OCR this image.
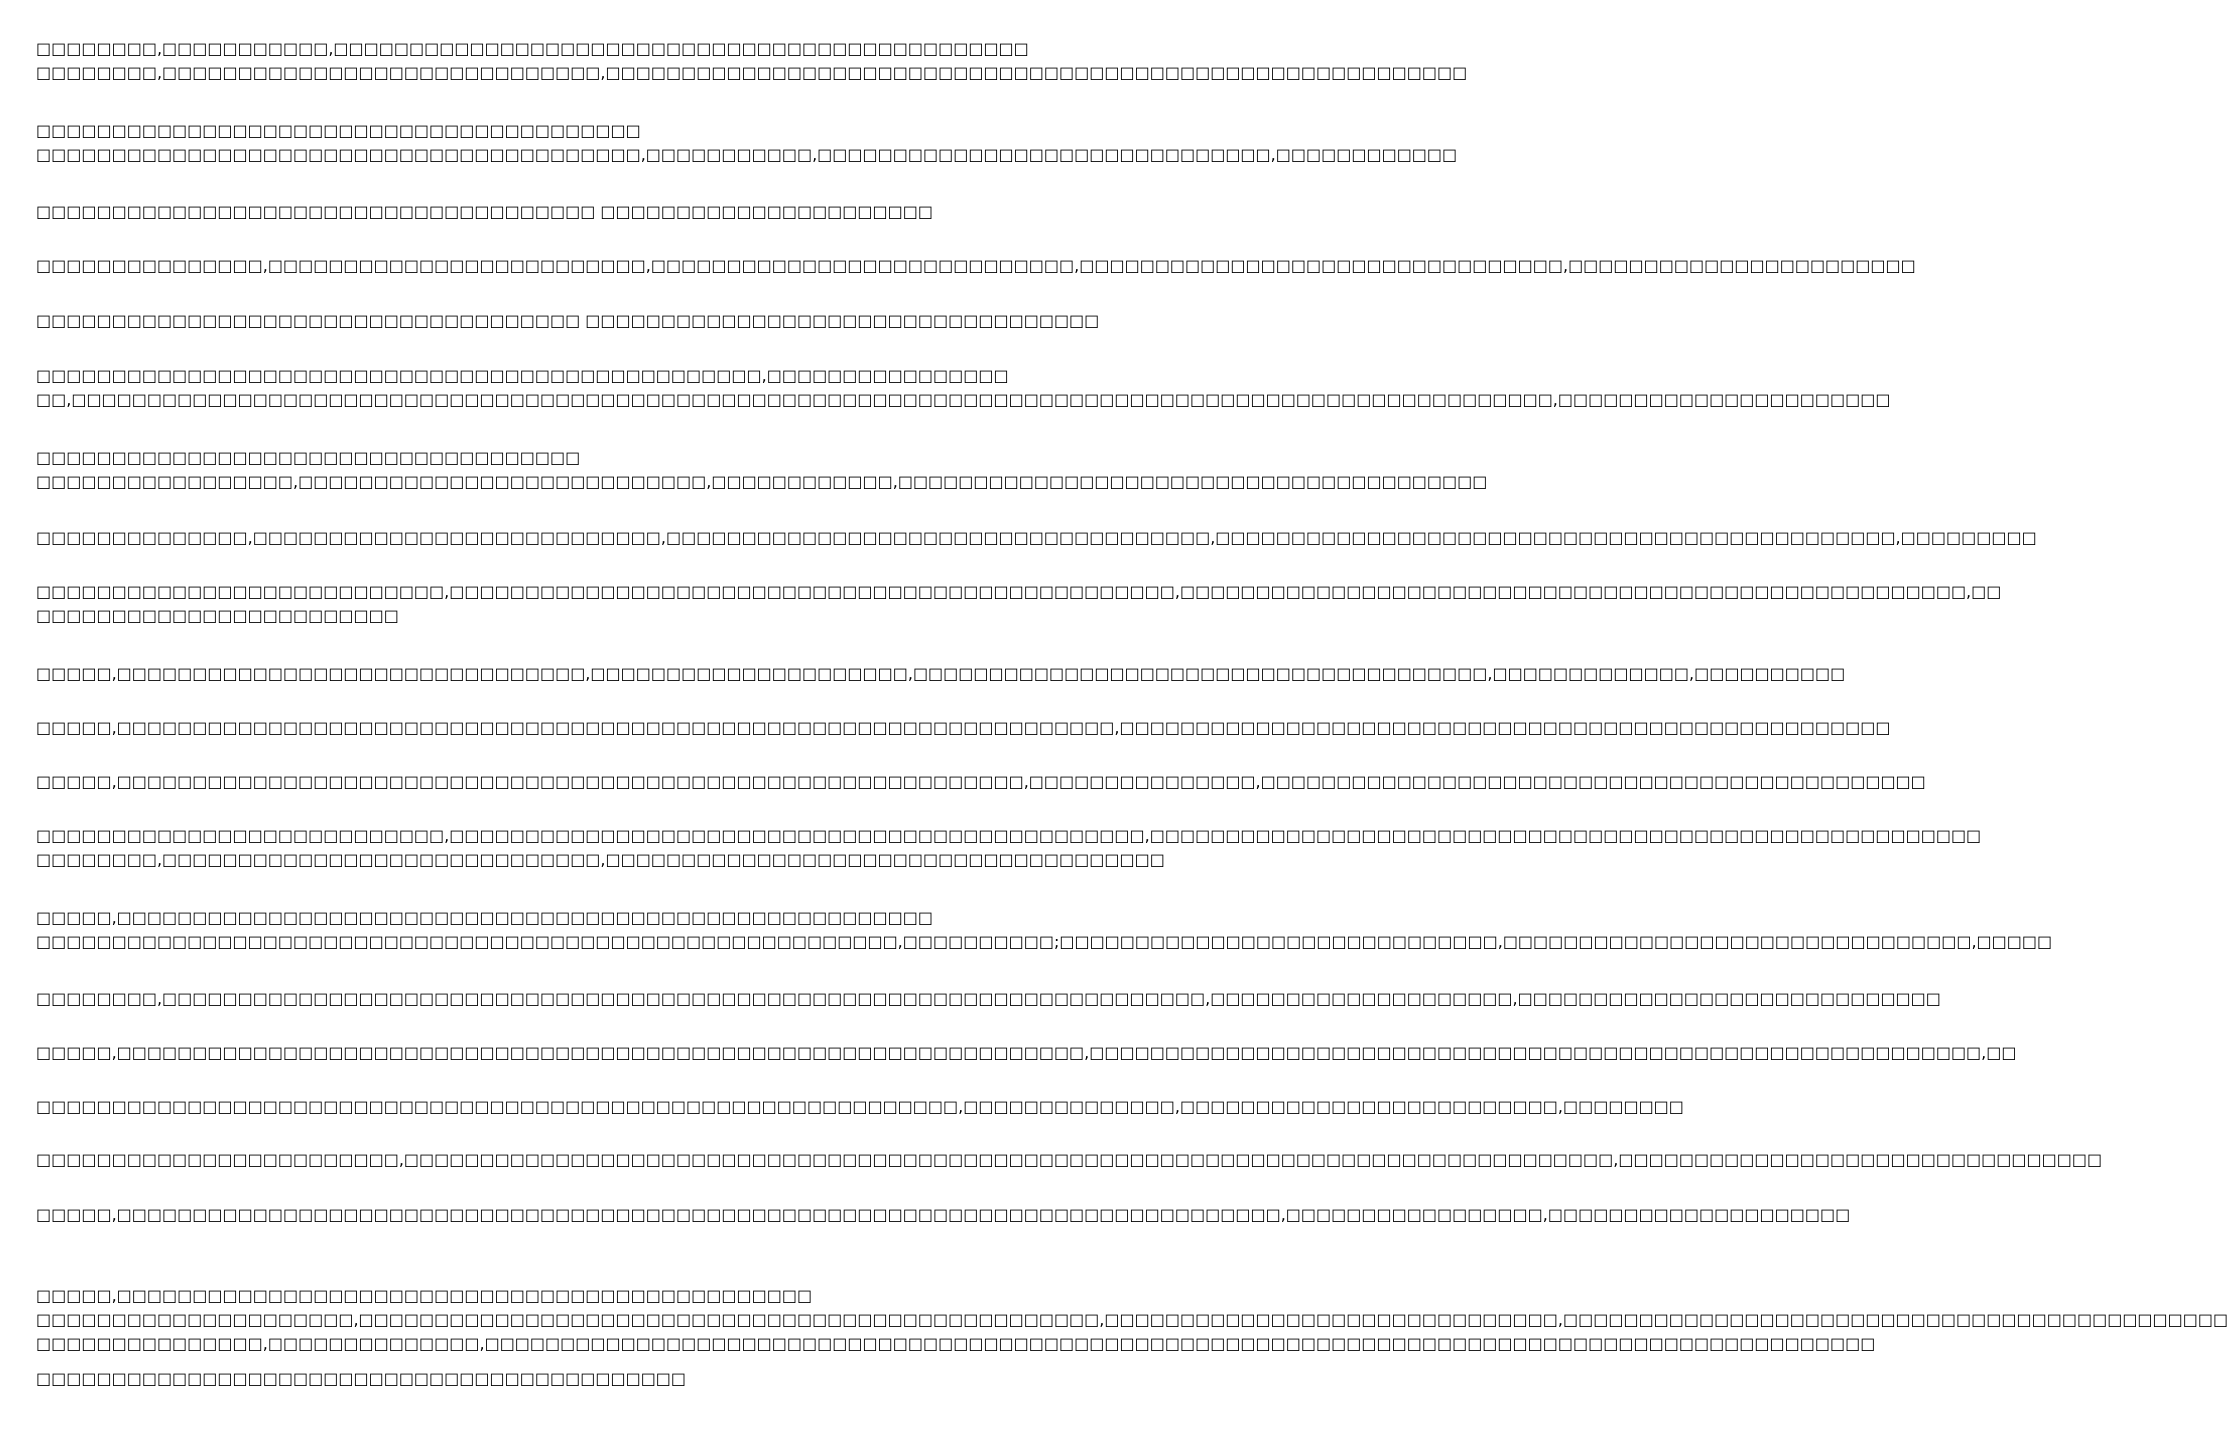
□□□□□□□□,□□□□□□□□□□□,□□□□□□□□□□□□□□□□□□□□□□□□□□□□□□□□□□□□□□□□□□□□□□
□□□□□□□□,□□□□□□□□□□□□□□□□□□□□□□□□□□□□□,□□□□□□□□□□□□□□□□□□□□□□□□□□□□□□□□□□□□□□□□□□□□□□□□□□□□□□□□□
□□□□□□□□□□□□□□□□□□□□□□□□□□□□□□□□□□□□□□□□
□□□□□□□□□□□□□□□□□□□□□□□□□□□□□□□□□□□□□□□□,□□□□□□□□□□□,□□□□□□□□□□□□□□□□□□□□□□□□□□□□□□,□□□□□□□□□□□□
□□□□□□□□□□□□□□□□□□□□□□□□□□□□□□□□□□□□□ □□□□□□□□□□□□□□□□□□□□□□
□□□□□□□□□□□□□□□,□□□□□□□□□□□□□□□□□□□□□□□□□,□□□□□□□□□□□□□□□□□□□□□□□□□□□□,□□□□□□□□□□□□□□□□□□□□□□□□□□□□□□□□,□□□□□□□□□□□□□□□□□□□□□□□
□□□□□□□□□□□□□□□□□□□□□□□□□□□□□□□□□□□□ □□□□□□□□□□□□□□□□□□□□□□□□□□□□□□□□□□
□□□□□□□□□□□□□□□□□□□□□□□□□□□□□□□□□□□□□□□□□□□□□□□□,□□□□□□□□□□□□□□□□
□□,□□□□□□□□□□□□□□□□□□□□□□□□□□□□□□□□□□□□□□□□□□□□□□□□□□□□□□□□□□□□□□□□□□□□□□□□□□□□□□□□□□□□□□□□□□□□□□□□□□,□□□□□□□□□□□□□□□□□□□□□□
□□□□□□□□□□□□□□□□□□□□□□□□□□□□□□□□□□□□
□□□□□□□□□□□□□□□□□,□□□□□□□□□□□□□□□□□□□□□□□□□□□,□□□□□□□□□□□□,□□□□□□□□□□□□□□□□□□□□□□□□□□□□□□□□□□□□□□□
□□□□□□□□□□□□□□,□□□□□□□□□□□□□□□□□□□□□□□□□□□,□□□□□□□□□□□□□□□□□□□□□□□□□□□□□□□□□□□□,□□□□□□□□□□□□□□□□□□□□□□□□□□□□□□□□□□□□□□□□□□□□□,□□□□□□□□□
□□□□□□□□□□□□□□□□□□□□□□□□□□□,□□□□□□□□□□□□□□□□□□□□□□□□□□□□□□□□□□□□□□□□□□□□□□□□,□□□□□□□□□□□□□□□□□□□□□□□□□□□□□□□□□□□□□□□□□□□□□□□□□□□□,□□
□□□□□□□□□□□□□□□□□□□□□□□□
□□□□□,□□□□□□□□□□□□□□□□□□□□□□□□□□□□□□□,□□□□□□□□□□□□□□□□□□□□□,□□□□□□□□□□□□□□□□□□□□□□□□□□□□□□□□□□□□□□,□□□□□□□□□□□□□,□□□□□□□□□□
□□□□□,□□□□□□□□□□□□□□□□□□□□□□□□□□□□□□□□□□□□□□□□□□□□□□□□□□□□□□□□□□□□□□□□□□,□□□□□□□□□□□□□□□□□□□□□□□□□□□□□□□□□□□□□□□□□□□□□□□□□□□
□□□□□,□□□□□□□□□□□□□□□□□□□□□□□□□□□□□□□□□□□□□□□□□□□□□□□□□□□□□□□□□□□□,□□□□□□□□□□□□□□□,□□□□□□□□□□□□□□□□□□□□□□□□□□□□□□□□□□□□□□□□□□□□
□□□□□□□□□□□□□□□□□□□□□□□□□□□,□□□□□□□□□□□□□□□□□□□□□□□□□□□□□□□□□□□□□□□□□□□□□□,□□□□□□□□□□□□□□□□□□□□□□□□□□□□□□□□□□□□□□□□□□□□□□□□□□□□□□□
□□□□□□□□,□□□□□□□□□□□□□□□□□□□□□□□□□□□□□,□□□□□□□□□□□□□□□□□□□□□□□□□□□□□□□□□□□□□
□□□□□,□□□□□□□□□□□□□□□□□□□□□□□□□□□□□□□□□□□□□□□□□□□□□□□□□□□□□□
□□□□□□□□□□□□□□□□□□□□□□□□□□□□□□□□□□□□□□□□□□□□□□□□□□□□□□□□□,□□□□□□□□□□;□□□□□□□□□□□□□□□□□□□□□□□□□□□□□,□□□□□□□□□□□□□□□□□□□□□□□□□□□□□□□,□□□□□
□□□□□□□□,□□□□□□□□□□□□□□□□□□□□□□□□□□□□□□□□□□□□□□□□□□□□□□□□□□□□□□□□□□□□□□□□□□□□□,□□□□□□□□□□□□□□□□□□□□,□□□□□□□□□□□□□□□□□□□□□□□□□□□□
□□□□□,□□□□□□□□□□□□□□□□□□□□□□□□□□□□□□□□□□□□□□□□□□□□□□□□□□□□□□□□□□□□□□□□,□□□□□□□□□□□□□□□□□□□□□□□□□□□□□□□□□□□□□□□□□□□□□□□□□□□□□□□□□□□,□□
□□□□□□□□□□□□□□□□□□□□□□□□□□□□□□□□□□□□□□□□□□□□□□□□□□□□□□□□□□□□□,□□□□□□□□□□□□□□,□□□□□□□□□□□□□□□□□□□□□□□□□,□□□□□□□□
□□□□□□□□□□□□□□□□□□□□□□□□,□□□□□□□□□□□□□□□□□□□□□□□□□□□□□□□□□□□□□□□□□□□□□□□□□□□□□□□□□□□□□□□□□□□□□□□□□□□□□□□□,□□□□□□□□□□□□□□□□□□□□□□□□□□□□□□□□
□□□□□,□□□□□□□□□□□□□□□□□□□□□□□□□□□□□□□□□□□□□□□□□□□□□□□□□□□□□□□□□□□□□□□□□□□□□□□□□□□□□,□□□□□□□□□□□□□□□□□,□□□□□□□□□□□□□□□□□□□□
□□□□□,□□□□□□□□□□□□□□□□□□□□□□□□□□□□□□□□□□□□□□□□□□□□□□
□□□□□□□□□□□□□□□□□□□□□,□□□□□□□□□□□□□□□□□□□□□□□□□□□□□□□□□□□□□□□□□□□□□□□□□,□□□□□□□□□□□□□□□□□□□□□□□□□□□□□□,□□□□□□□□□□□□□□□□□□□□□□□□□□□□□□□□□□□□□□□□□□□□
□□□□□□□□□□□□□□□,□□□□□□□□□□□□□□,□□□□□□□□□□□□□□□□□□□□□□□□□□□□□□□□□□□□□□□□□□□□□□□□□□□□□□□□□□□□□□□□□□□□□□□□□□□□□□□□□□□□□□□□□□□□
□□□□□□□□□□□□□□□□□□□□□□□□□□□□□□□□□□□□□□□□□□□
